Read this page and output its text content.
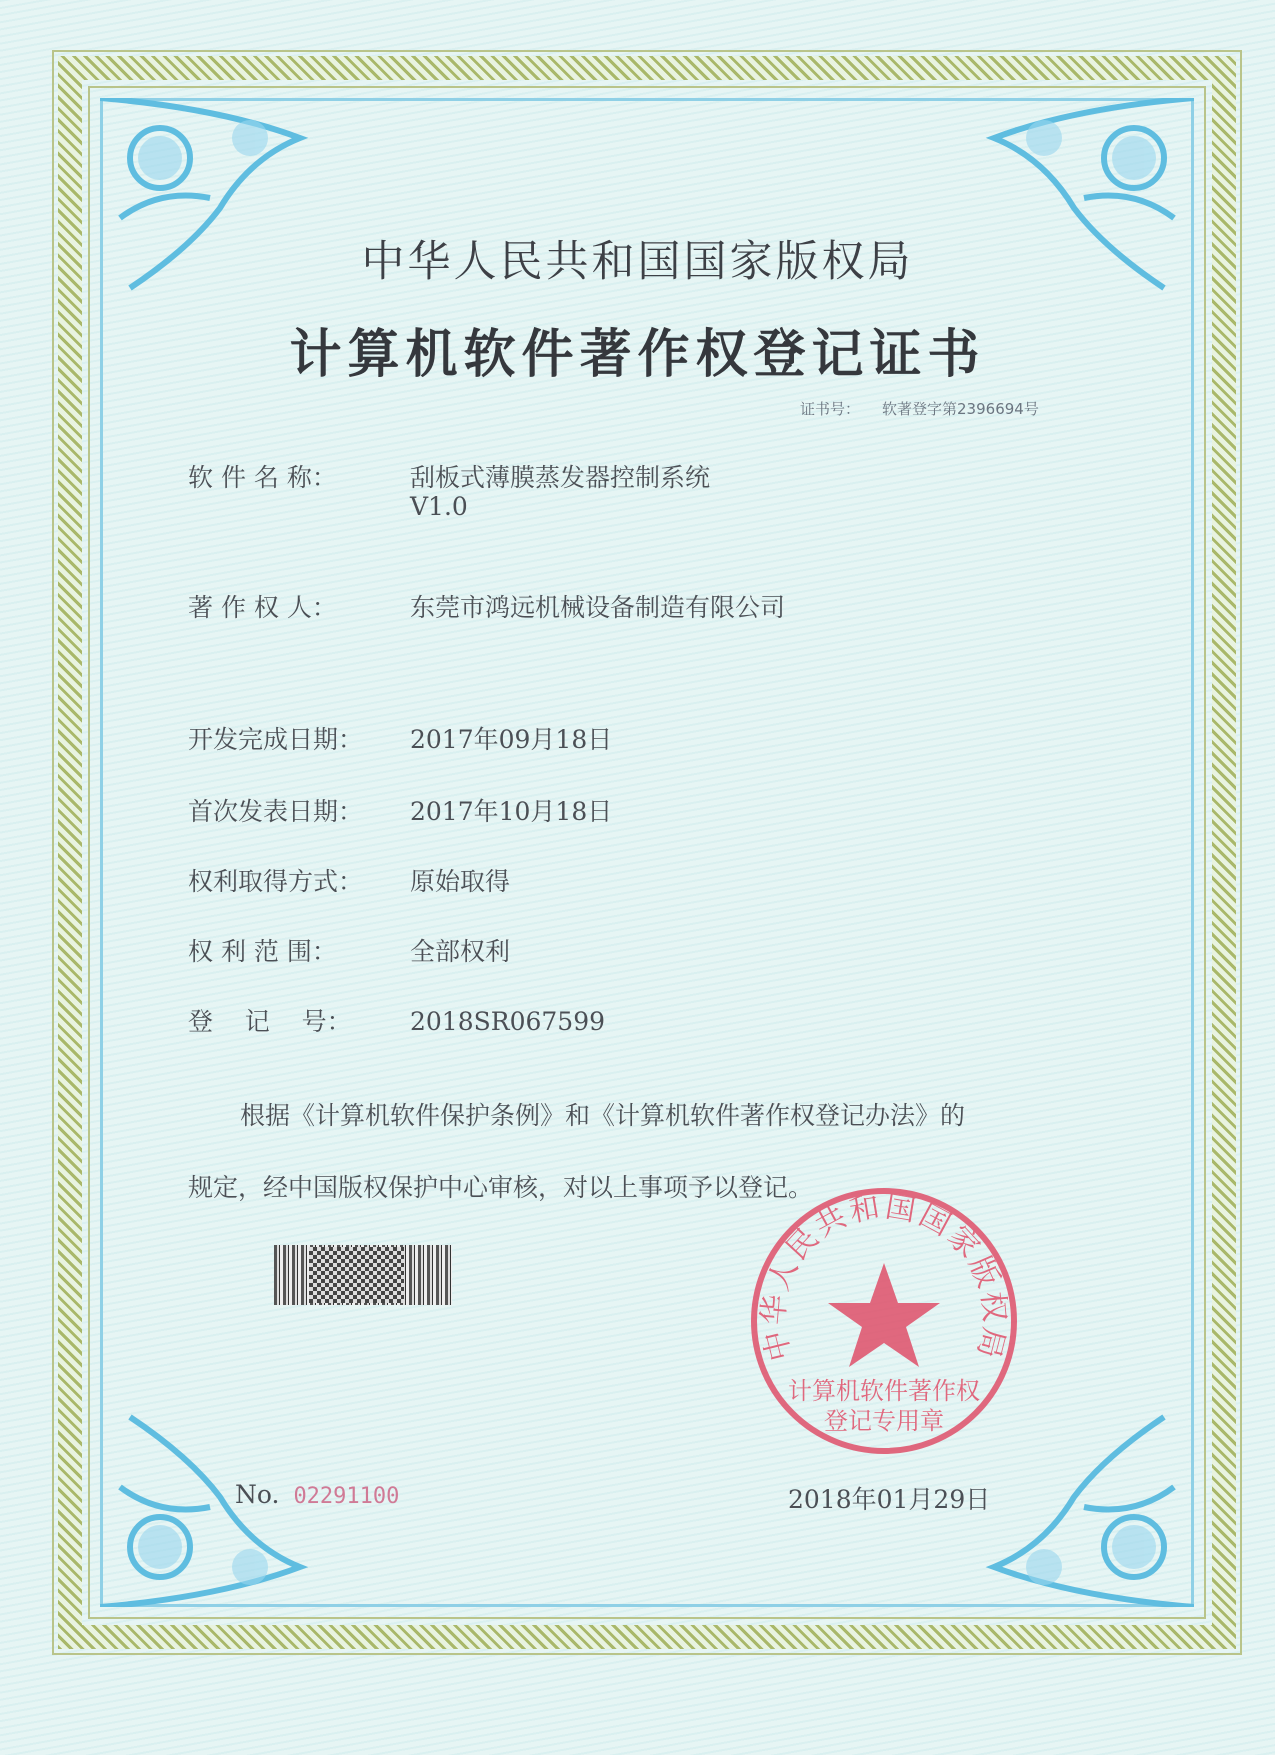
中华人民共和国国家版权局
计算机软件著作权登记证书
证书号： 软著登字第2396694号
软 件 名 称：	刮板式薄膜蒸发器控制系统
V1.0
著 作 权 人：	东莞市鸿远机械设备制造有限公司
开发完成日期： 2017年09月18日
首次发表日期： 2017年10月18日
权利取得方式： 原始取得
权 利 范 围：	全部权利
登    记    号： 2018SR067599
根据《计算机软件保护条例》和《计算机软件著作权登记办法》的
规定，经中国版权保护中心审核，对以上事项予以登记。
No. 02291100
中华人民共和国国家版权局
计算机软件著作权
登记专用章
2018年01月29日
